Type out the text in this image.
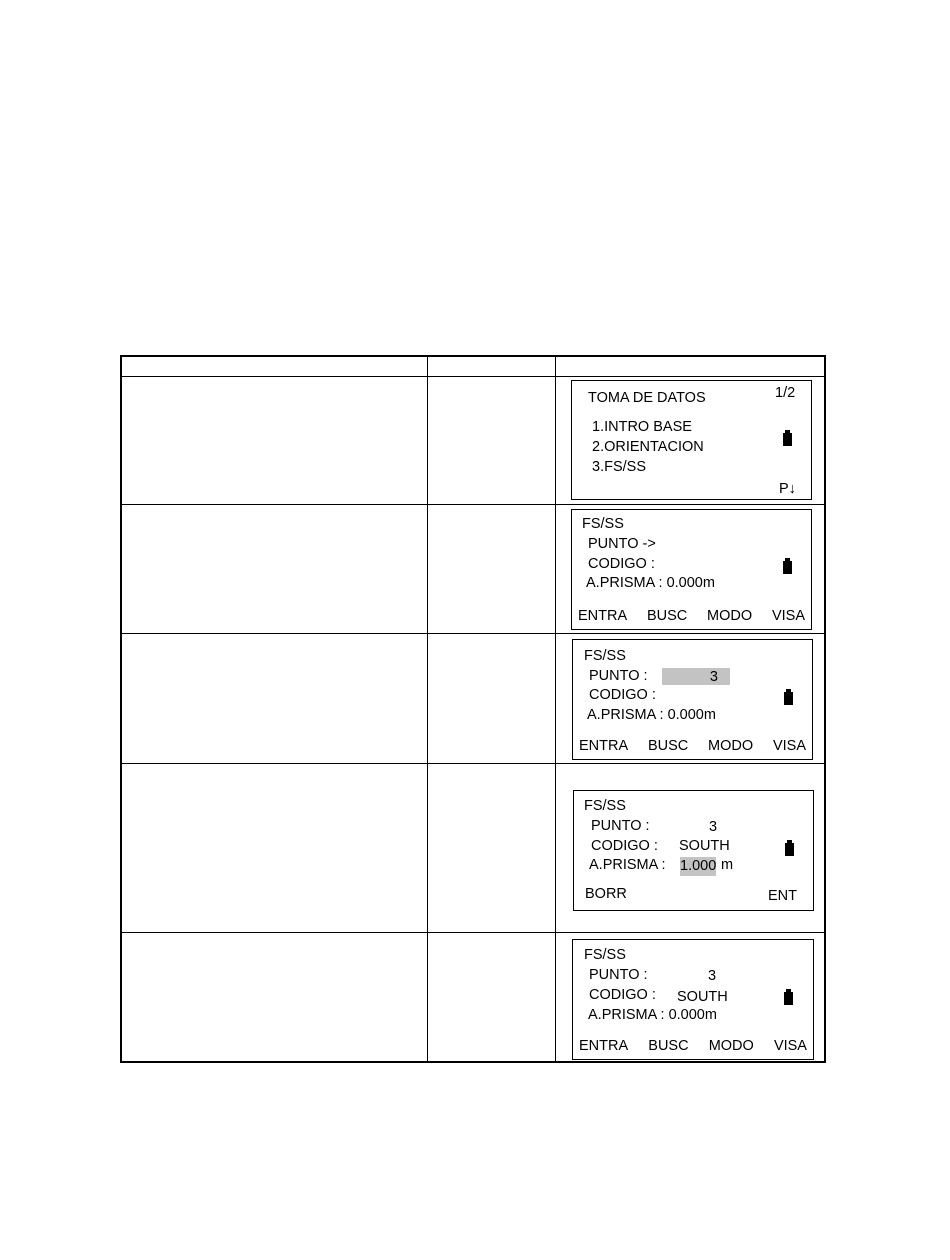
TOMA DE DATOS	1/2
1.INTRO BASE
2.ORIENTACION
3.FS/SS
P↓
FS/SS
PUNTO ->
CODIGO :
A.PRISMA : 0.000m
ENTRA BUSC MODO VISA
FS/SS
PUNTO :	3
CODIGO :
A.PRISMA : 0.000m
ENTRA BUSC MODO VISA
FS/SS
PUNTO :	3
CODIGO : SOUTH
A.PRISMA : 1.000 m
BORR	ENT
FS/SS
PUNTO :	3
CODIGO : SOUTH
A.PRISMA : 0.000m
ENTRA BUSC MODO VISA
